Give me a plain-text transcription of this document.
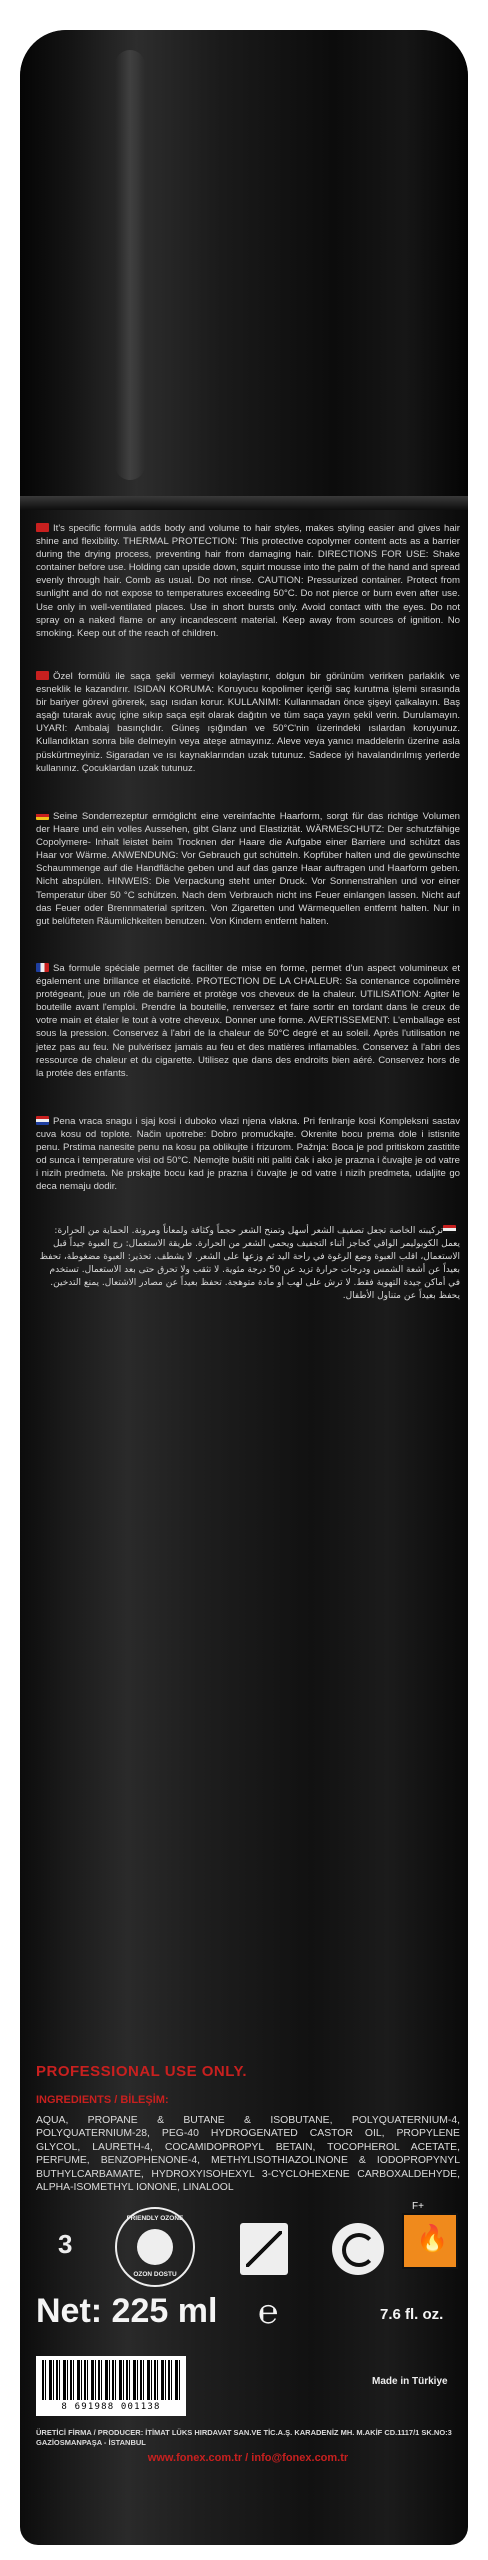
It's specific formula adds body and volume to hair styles, makes styling easier and gives hair shine and flexibility. THERMAL PROTECTION: This protective copolymer content acts as a barrier during the drying process, preventing hair from damaging hair. DIRECTIONS FOR USE: Shake container before use. Holding can upside down, squirt mousse into the palm of the hand and spread evenly through hair. Comb as usual. Do not rinse. CAUTION: Pressurized container. Protect from sunlight and do not expose to temperatures exceeding 50°C. Do not pierce or burn even after use. Use only in well-ventilated places. Use in short bursts only. Avoid contact with the eyes. Do not spray on a naked flame or any incandescent material. Keep away from sources of ignition. No smoking. Keep out of the reach of children.
Özel formülü ile saça şekil vermeyi kolaylaştırır, dolgun bir görünüm verirken parlaklık ve esneklik le kazandırır. ISIDAN KORUMA: Koruyucu kopolimer içeriği saç kurutma işlemi sırasında bir bariyer görevi görerek, saçı ısıdan korur. KULLANIMI: Kullanmadan önce şişeyi çalkalayın. Baş aşağı tutarak avuç içine sıkıp saça eşit olarak dağıtın ve tüm saça yayın şekil verin. Durulamayın. UYARI: Ambalaj basınçlıdır. Güneş ışığından ve 50°C'nin üzerindeki ısılardan koruyunuz. Kullandıktan sonra bile delmeyin veya ateşe atmayınız. Aleve veya yanıcı maddelerin üzerine asla püskürtmeyiniz. Sigaradan ve ısı kaynaklarından uzak tutunuz. Sadece iyi havalandırılmış yerlerde kullanınız. Çocuklardan uzak tutunuz.
Seine Sonderrezeptur ermöglicht eine vereinfachte Haarform, sorgt für das richtige Volumen der Haare und ein volles Aussehen, gibt Glanz und Elastizität. WÄRMESCHUTZ: Der schutzfähige Copolymere- Inhalt leistet beim Trocknen der Haare die Aufgabe einer Barriere und schützt das Haar vor Wärme. ANWENDUNG: Vor Gebrauch gut schütteln. Kopfüber halten und die gewünschte Schaummenge auf die Handfläche geben und auf das ganze Haar auftragen und Haarform geben. Nicht abspülen. HINWEIS: Die Verpackung steht unter Druck. Vor Sonnenstrahlen und vor einer Temperatur über 50 °C schützen. Nach dem Verbrauch nicht ins Feuer einlangen lassen. Nicht auf das Feuer oder Brennmaterial spritzen. Von Zigaretten und Wärmequellen entfernt halten. Nur in gut belüfteten Räumlichkeiten benutzen. Von Kindern entfernt halten.
Sa formule spéciale permet de faciliter de mise en forme, permet d'un aspect volumineux et également une brillance et élacticité. PROTECTION DE LA CHALEUR: Sa contenance copolimère protégeant, joue un rôle de barrière et protège vos cheveux de la chaleur. UTILISATION: Agiter le bouteille avant l'emploi. Prendre la bouteille, renversez et faire sortir en tordant dans le creux de votre main et étaler le tout à votre cheveux. Donner une forme. AVERTISSEMENT: L'emballage est sous la pression. Conservez à l'abri de la chaleur de 50°C degré et au soleil. Après l'utilisation ne jetez pas au feu. Ne pulvérisez jamais au feu et des matières inflamables. Conservez à l'abri des ressource de chaleur et du cigarette. Utilisez que dans des endroits bien aéré. Conservez hors de la protée des enfants.
Pena vraca snagu i sjaj kosi i duboko vlazi njena vlakna. Pri fenlranje kosi Kompleksni sastav cuva kosu od toplote. Način upotrebe: Dobro promućkajte. Okrenite bocu prema dole i istisnite penu. Prstima nanesite penu na kosu pa oblikujte i frizurom. Pažnja: Boca je pod pritiskom zastitite od sunca i temperature visi od 50°C. Nemojte bušiti niti paliti čak i ako je prazna i čuvajte je od vatre i nizih predmeta. Ne prskajte bocu kad je prazna i čuvajte je od vatre i nizih predmeta, udaljite go deca nemaju dodir.
تركيبته الخاصة تجعل تصفيف الشعر أسهل وتمنح الشعر حجماً وكثافة ولمعاناً ومرونة. الحماية من الحرارة: يعمل الكوبوليمر الواقي كحاجز أثناء التجفيف ويحمي الشعر من الحرارة. طريقة الاستعمال: رج العبوة جيداً قبل الاستعمال، اقلب العبوة وضع الرغوة في راحة اليد ثم وزعها على الشعر. لا يشطف. تحذير: العبوة مضغوطة، تحفظ بعيداً عن أشعة الشمس ودرجات حرارة تزيد عن 50 درجة مئوية. لا تثقب ولا تحرق حتى بعد الاستعمال. تستخدم في أماكن جيدة التهوية فقط. لا ترش على لهب أو مادة متوهجة. تحفظ بعيداً عن مصادر الاشتعال. يمنع التدخين. يحفظ بعيداً عن متناول الأطفال.
PROFESSIONAL USE ONLY.
INGREDIENTS / BİLEŞİM:
AQUA, PROPANE & BUTANE & ISOBUTANE, POLYQUATERNIUM-4, POLYQUATERNIUM-28, PEG-40 HYDROGENATED CASTOR OIL, PROPYLENE GLYCOL, LAURETH-4, COCAMIDOPROPYL BETAIN, TOCOPHEROL ACETATE, PERFUME, BENZOPHENONE-4, METHYLISOTHIAZOLINONE & IODOPROPYNYL BUTHYLCARBAMATE, HYDROXYISOHEXYL 3-CYCLOHEXENE CARBOXALDEHYDE, ALPHA-ISOMETHYL IONONE, LINALOOL
3
FRIENDLY OZONE
OZON DOSTU
F+
🔥
Net: 225 ml ℮	7.6 fl. oz.
8 691988 001138
Made in Türkiye
ÜRETİCİ FİRMA / PRODUCER: İTİMAT LÜKS HIRDAVAT SAN.VE TİC.A.Ş. KARADENİZ MH. M.AKİF CD.1117/1 SK.NO:3 GAZİOSMANPAŞA - İSTANBUL
www.fonex.com.tr / info@fonex.com.tr
